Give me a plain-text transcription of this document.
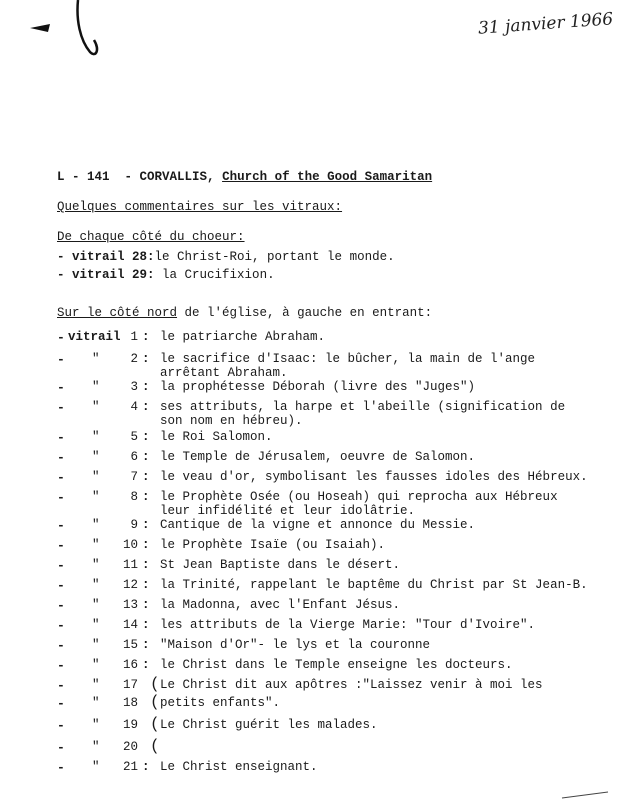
31 janvier 1966
L - 141  - CORVALLIS, Church of the Good Samaritan
Quelques commentaires sur les vitraux:
De chaque côté du choeur:
- vitrail 28:le Christ-Roi, portant le monde.
- vitrail 29: la Crucifixion.
Sur le côté nord de l'église, à gauche en entrant:
- vitrail 1 : le patriarche Abraham.
- "	2 : le sacrifice d'Isaac: le bûcher, la main de l'ange
arrêtant Abraham.
- "	3 : la prophétesse Déborah (livre des "Juges")
- "	4 : ses attributs, la harpe et l'abeille (signification de
son nom en hébreu).
- "	5 : le Roi Salomon.
- "	6 : le Temple de Jérusalem, oeuvre de Salomon.
- "	7 : le veau d'or, symbolisant les fausses idoles des Hébreux.
- "	8 : le Prophète Osée (ou Hoseah) qui reprocha aux Hébreux
leur infidélité et leur idolâtrie.
- "	9 : Cantique de la vigne et annonce du Messie.
- "	10 : le Prophète Isaïe (ou Isaiah).
- "	11 : St Jean Baptiste dans le désert.
- "	12 : la Trinité, rappelant le baptême du Christ par St Jean-B.
- "	13 : la Madonna, avec l'Enfant Jésus.
- "	14 : les attributs de la Vierge Marie: "Tour d'Ivoire".
- "	15 : "Maison d'Or"- le lys et la couronne
- "	16 : le Christ dans le Temple enseigne les docteurs.
- "	17 ( Le Christ dit aux apôtres :"Laissez venir à moi les
- "	18 ( petits enfants".
- "	19 ( Le Christ guérit les malades.
- "	20 (
- "	21 : Le Christ enseignant.
